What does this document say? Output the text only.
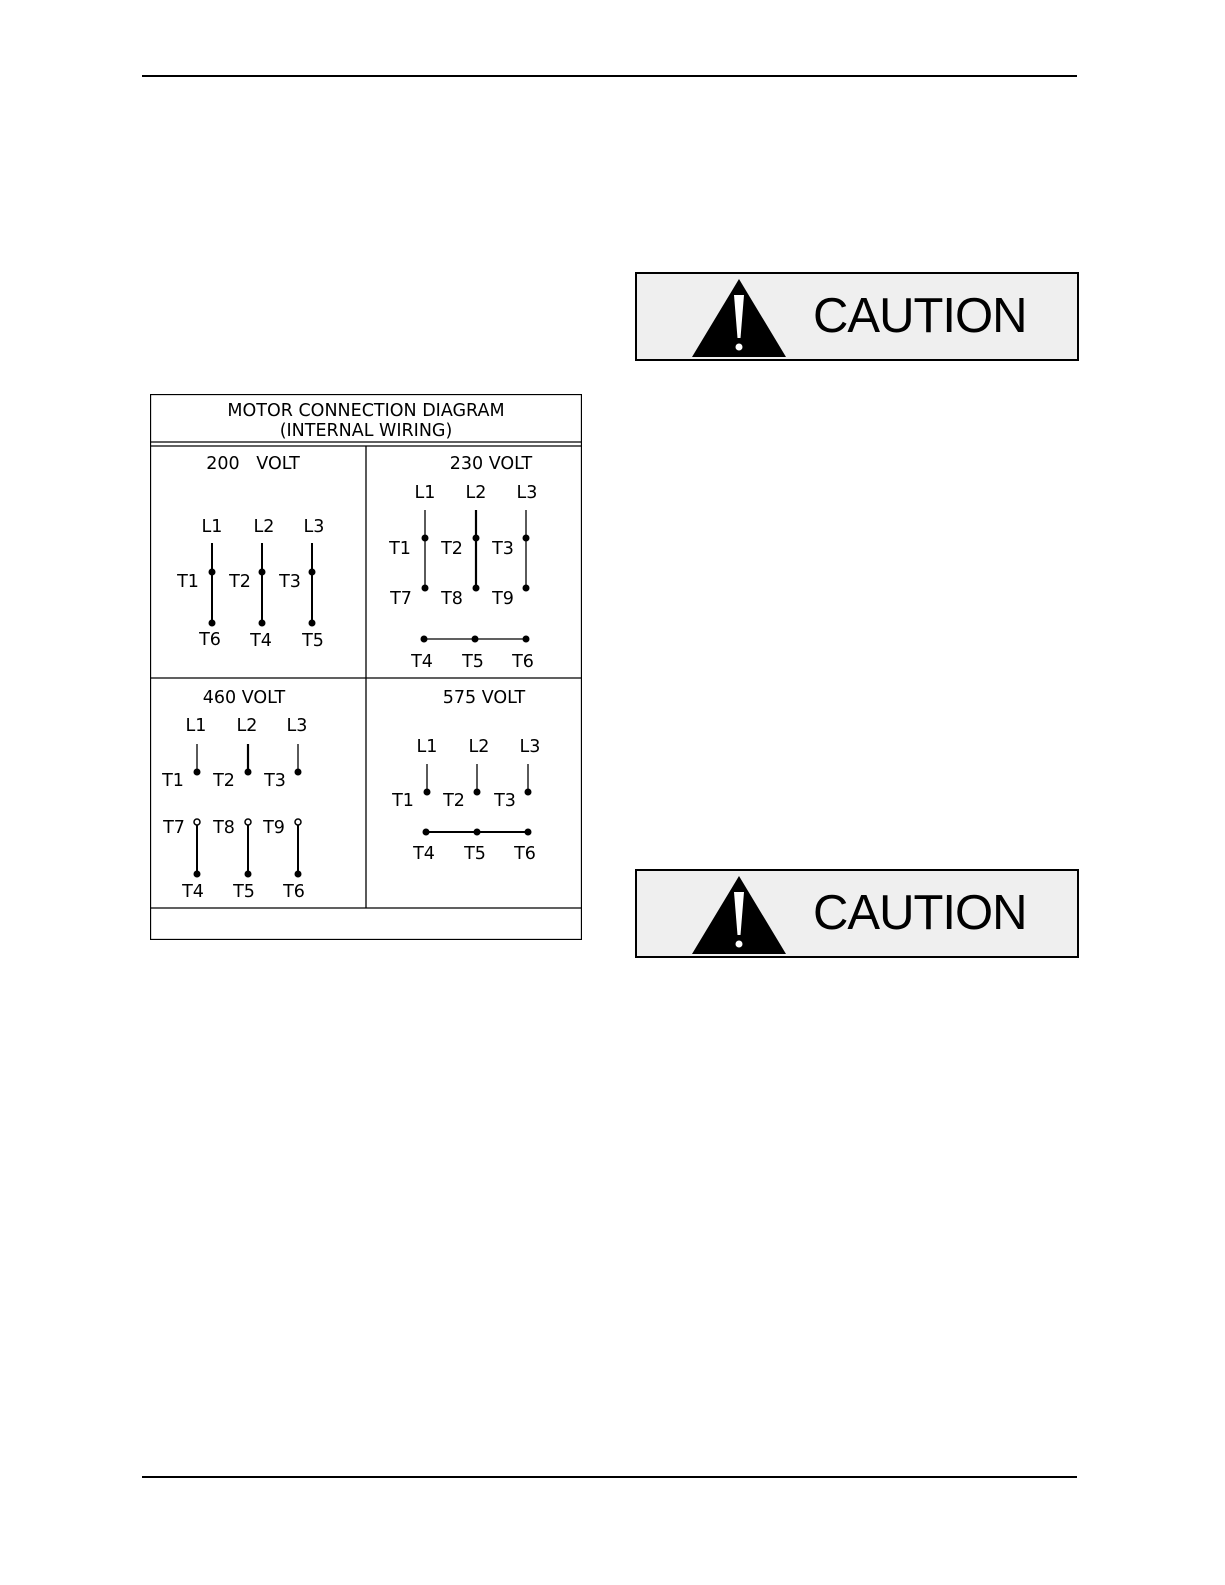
MOTOR CONNECTION DIAGRAM
(INTERNAL WIRING)
200   VOLT
L1 L2 L3
T1 T2 T3
T6 T4 T5
230 VOLT
L1 L2 L3
T1 T2 T3
T7 T8 T9
T4 T5 T6
460 VOLT
L1 L2 L3
T1 T2 T3
T7 T8 T9
T4 T5 T6
575 VOLT
L1 L2 L3
T1 T2 T3
T4 T5 T6
CAUTION
CAUTION
